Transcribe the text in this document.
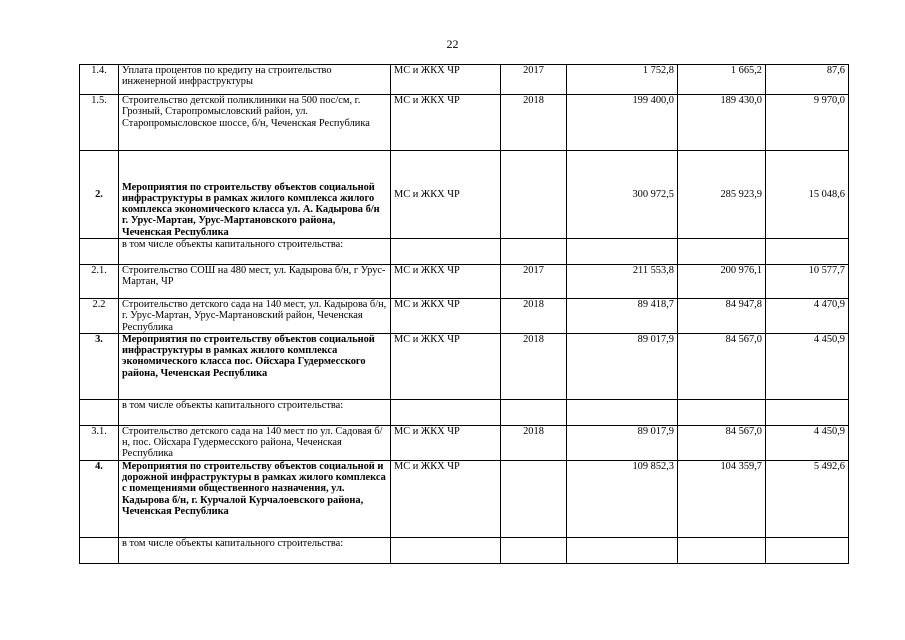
22
1.4.	Уплата процентов по кредиту на строительство инженерной инфраструктуры	МС и ЖКХ ЧР	2017	1 752,8	1 665,2	87,6
1.5.	Строительство детской поликлиники на 500 пос/см, г. Грозный, Старопромысловский район, ул. Старопромысловское шоссе, б/н, Чеченская Республика	МС и ЖКХ ЧР	2018	199 400,0	189 430,0	9 970,0
2.	Мероприятия по строительству объектов социальной инфраструктуры в рамках жилого комплекса жилого комплекса экономического класса ул. А. Кадырова б/н г. Урус-Мартан, Урус-Мартановского района, Чеченская Республика	МС и ЖКХ ЧР		300 972,5	285 923,9	15 048,6
	в том числе объекты капитального строительства:					
2.1.	Строительство СОШ на 480 мест, ул. Кадырова б/н, г Урус-Мартан, ЧР	МС и ЖКХ ЧР	2017	211 553,8	200 976,1	10 577,7
2.2	Строительство детского сада на 140 мест, ул. Кадырова б/н, г. Урус-Мартан, Урус-Мартановский район, Чеченская Республика	МС и ЖКХ ЧР	2018	89 418,7	84 947,8	4 470,9
3.	Мероприятия по строительству объектов социальной инфраструктуры в рамках жилого комплекса экономического класса пос. Ойсхара Гудермесского района, Чеченская Республика	МС и ЖКХ ЧР	2018	89 017,9	84 567,0	4 450,9
	в том числе объекты капитального строительства:					
3.1.	Строительство детского сада на 140 мест по ул. Садовая б/н, пос. Ойсхара Гудермесского района, Чеченская Республика	МС и ЖКХ ЧР	2018	89 017,9	84 567,0	4 450,9
4.	Мероприятия по строительству объектов социальной и дорожной инфраструктуры в рамках жилого комплекса с помещениями общественного назначения, ул. Кадырова б/н, г. Курчалой Курчалоевского района, Чеченская Республика	МС и ЖКХ ЧР		109 852,3	104 359,7	5 492,6
	в том числе объекты капитального строительства:					
